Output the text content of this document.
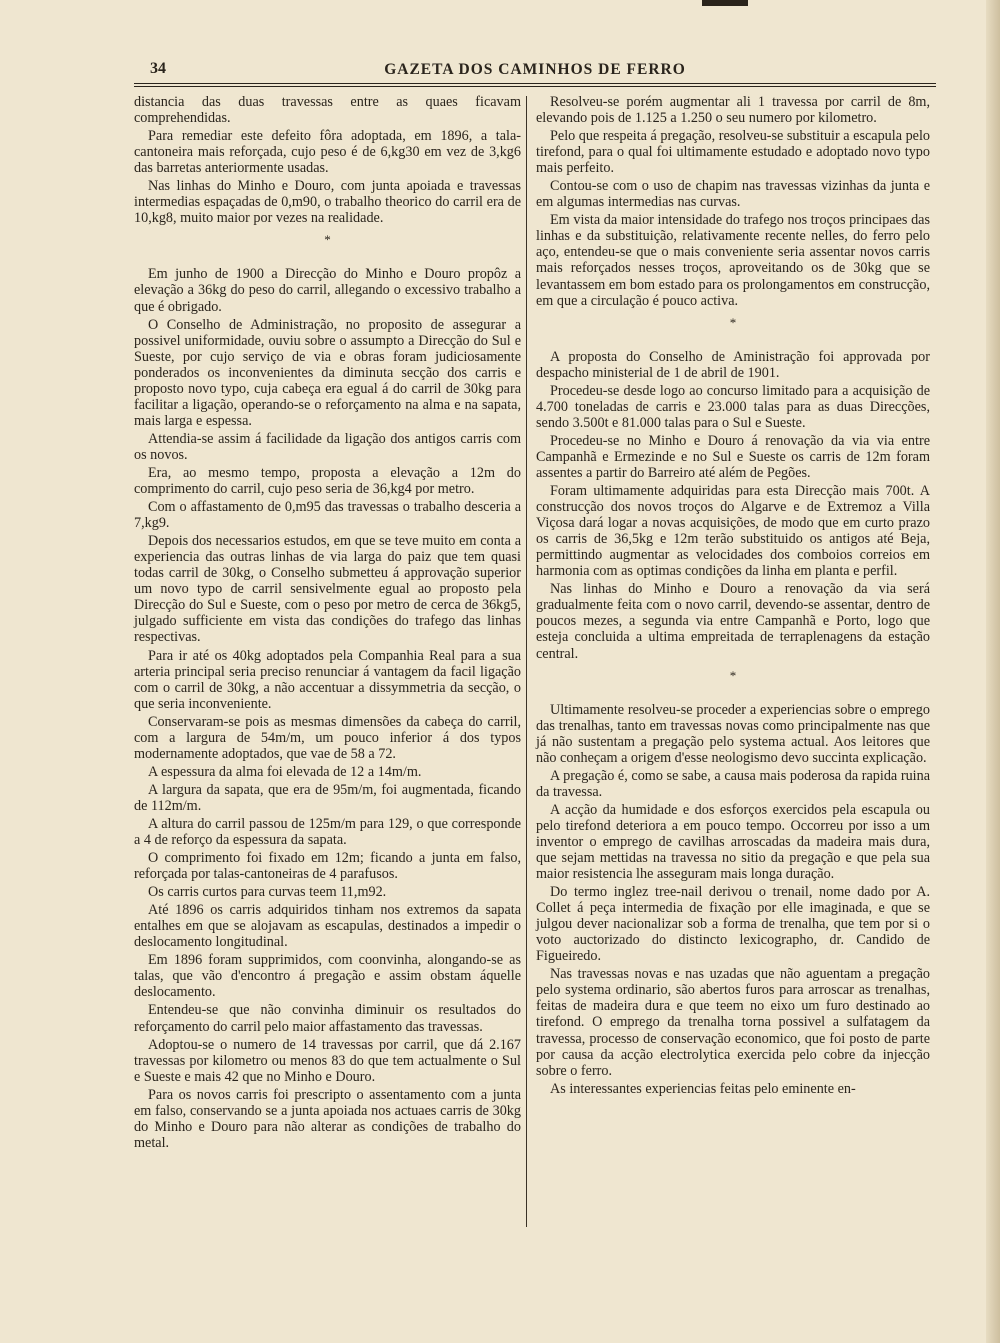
34	GAZETA DOS CAMINHOS DE FERRO

distancia das duas travessas entre as quaes ficavam comprehendidas.

Para remediar este defeito fôra adoptada, em 1896, a tala-cantoneira mais reforçada, cujo peso é de 6,kg30 em vez de 3,kg6 das barretas anteriormente usadas.

Nas linhas do Minho e Douro, com junta apoiada e travessas intermedias espaçadas de 0,m90, o trabalho theorico do carril era de 10,kg8, muito maior por vezes na realidade.

*

Em junho de 1900 a Direcção do Minho e Douro propôz a elevação a 36kg do peso do carril, allegando o excessivo trabalho a que é obrigado.

O Conselho de Administração, no proposito de assegurar a possivel uniformidade, ouviu sobre o assumpto a Direcção do Sul e Sueste, por cujo serviço de via e obras foram judiciosamente ponderados os inconvenientes da diminuta secção dos carris e proposto novo typo, cuja cabeça era egual á do carril de 30kg para facilitar a ligação, operando-se o reforçamento na alma e na sapata, mais larga e espessa.

Attendia-se assim á facilidade da ligação dos antigos carris com os novos.

Era, ao mesmo tempo, proposta a elevação a 12m do comprimento do carril, cujo peso seria de 36,kg4 por metro.

Com o affastamento de 0,m95 das travessas o trabalho desceria a 7,kg9.

Depois dos necessarios estudos, em que se teve muito em conta a experiencia das outras linhas de via larga do paiz que tem quasi todas carril de 30kg, o Conselho submetteu á approvação superior um novo typo de carril sensivelmente egual ao proposto pela Direcção do Sul e Sueste, com o peso por metro de cerca de 36kg5, julgado sufficiente em vista das condições do trafego das linhas respectivas.

Para ir até os 40kg adoptados pela Companhia Real para a sua arteria principal seria preciso renunciar á vantagem da facil ligação com o carril de 30kg, a não accentuar a dissymmetria da secção, o que seria inconveniente.

Conservaram-se pois as mesmas dimensões da cabeça do carril, com a largura de 54m/m, um pouco inferior á dos typos modernamente adoptados, que vae de 58 a 72.

A espessura da alma foi elevada de 12 a 14m/m.

A largura da sapata, que era de 95m/m, foi augmentada, ficando de 112m/m.

A altura do carril passou de 125m/m para 129, o que corresponde a 4 de reforço da espessura da sapata.

O comprimento foi fixado em 12m; ficando a junta em falso, reforçada por talas-cantoneiras de 4 parafusos.

Os carris curtos para curvas teem 11,m92.

Até 1896 os carris adquiridos tinham nos extremos da sapata entalhes em que se alojavam as escapulas, destinados a impedir o deslocamento longitudinal.

Em 1896 foram supprimidos, com coonvinha, alongando-se as talas, que vão d'encontro á pregação e assim obstam áquelle deslocamento.

Entendeu-se que não convinha diminuir os resultados do reforçamento do carril pelo maior affastamento das travessas.

Adoptou-se o numero de 14 travessas por carril, que dá 2.167 travessas por kilometro ou menos 83 do que tem actualmente o Sul e Sueste e mais 42 que no Minho e Douro.

Para os novos carris foi prescripto o assentamento com a junta em falso, conservando se a junta apoiada nos actuaes carris de 30kg do Minho e Douro para não alterar as condições de trabalho do metal.

Resolveu-se porém augmentar ali 1 travessa por carril de 8m, elevando pois de 1.125 a 1.250 o seu numero por kilometro.

Pelo que respeita á pregação, resolveu-se substituir a escapula pelo tirefond, para o qual foi ultimamente estudado e adoptado novo typo mais perfeito.

Contou-se com o uso de chapim nas travessas vizinhas da junta e em algumas intermedias nas curvas.

Em vista da maior intensidade do trafego nos troços principaes das linhas e da substituição, relativamente recente nelles, do ferro pelo aço, entendeu-se que o mais conveniente seria assentar novos carris mais reforçados nesses troços, aproveitando os de 30kg que se levantassem em bom estado para os prolongamentos em construcção, em que a circulação é pouco activa.

*

A proposta do Conselho de Aministração foi approvada por despacho ministerial de 1 de abril de 1901.

Procedeu-se desde logo ao concurso limitado para a acquisição de 4.700 toneladas de carris e 23.000 talas para as duas Direcções, sendo 3.500t e 81.000 talas para o Sul e Sueste.

Procedeu-se no Minho e Douro á renovação da via via entre Campanhã e Ermezinde e no Sul e Sueste os carris de 12m foram assentes a partir do Barreiro até além de Pegões.

Foram ultimamente adquiridas para esta Direcção mais 700t. A construcção dos novos troços do Algarve e de Extremoz a Villa Viçosa dará logar a novas acquisições, de modo que em curto prazo os carris de 36,5kg e 12m terão substituido os antigos até Beja, permittindo augmentar as velocidades dos comboios correios em harmonia com as optimas condições da linha em planta e perfil.

Nas linhas do Minho e Douro a renovação da via será gradualmente feita com o novo carril, devendo-se assentar, dentro de poucos mezes, a segunda via entre Campanhã e Porto, logo que esteja concluida a ultima empreitada de terraplenagens da estação central.

*

Ultimamente resolveu-se proceder a experiencias sobre o emprego das trenalhas, tanto em travessas novas como principalmente nas que já não sustentam a pregação pelo systema actual. Aos leitores que não conheçam a origem d'esse neologismo devo succinta explicação.

A pregação é, como se sabe, a causa mais poderosa da rapida ruina da travessa.

A acção da humidade e dos esforços exercidos pela escapula ou pelo tirefond deteriora a em pouco tempo. Occorreu por isso a um inventor o emprego de cavilhas arroscadas da madeira mais dura, que sejam mettidas na travessa no sitio da pregação e que pela sua maior resistencia lhe asseguram mais longa duração.

Do termo inglez tree-nail derivou o trenail, nome dado por A. Collet á peça intermedia de fixação por elle imaginada, e que se julgou dever nacionalizar sob a forma de trenalha, que tem por si o voto auctorizado do distincto lexicographo, dr. Candido de Figueiredo.

Nas travessas novas e nas uzadas que não aguentam a pregação pelo systema ordinario, são abertos furos para arroscar as trenalhas, feitas de madeira dura e que teem no eixo um furo destinado ao tirefond. O emprego da trenalha torna possivel a sulfatagem da travessa, processo de conservação economico, que foi posto de parte por causa da acção electrolytica exercida pelo cobre da injecção sobre o ferro.

As interessantes experiencias feitas pelo eminente en-
